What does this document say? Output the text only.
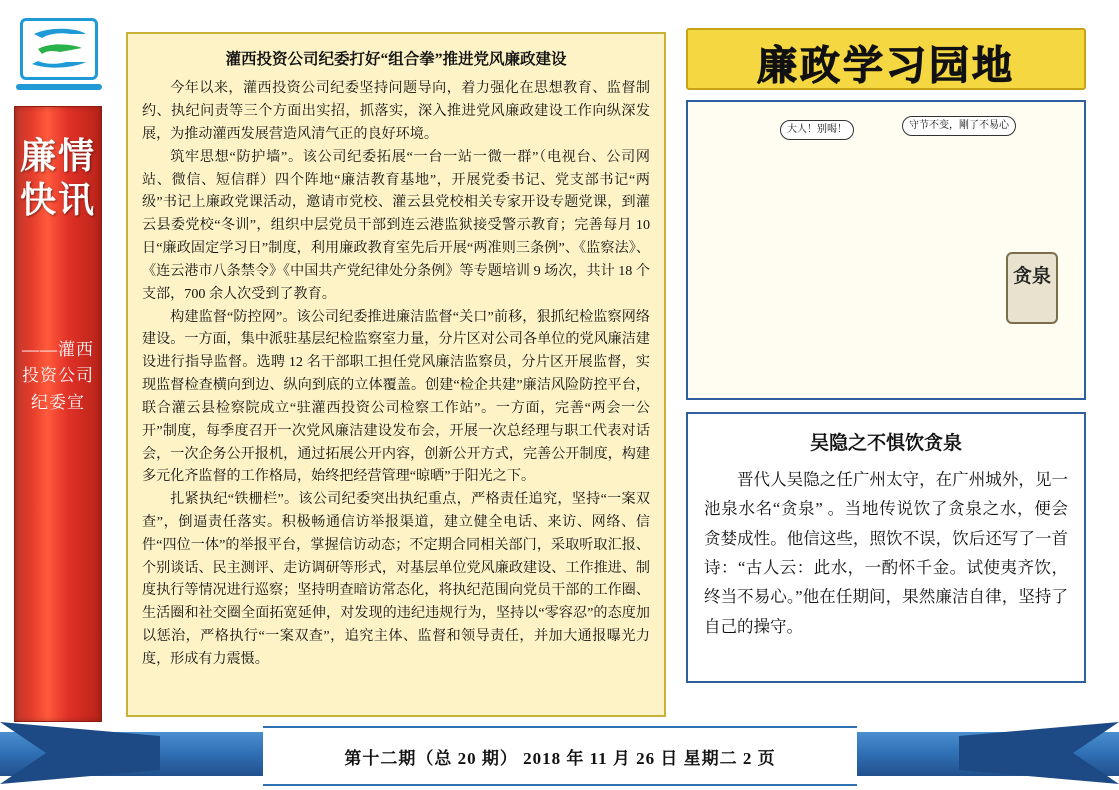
廉情快讯
——灌西投资公司纪委宣
灌西投资公司纪委打好“组合拳”推进党风廉政建设

今年以来，灌西投资公司纪委坚持问题导向，着力强化在思想教育、监督制约、执纪问责等三个方面出实招，抓落实，深入推进党风廉政建设工作向纵深发展，为推动灌西发展营造风清气正的良好环境。

筑牢思想“防护墙”。该公司纪委拓展“一台一站一微一群”（电视台、公司网站、微信、短信群）四个阵地“廉洁教育基地”，开展党委书记、党支部书记“两级”书记上廉政党课活动，邀请市党校、灌云县党校相关专家开设专题党课，到灌云县委党校“冬训”，组织中层党员干部到连云港监狱接受警示教育；完善每月 10 日“廉政固定学习日”制度，利用廉政教育室先后开展“两准则三条例”、《监察法》、《连云港市八条禁令》《中国共产党纪律处分条例》等专题培训 9 场次，共计 18 个支部，700 余人次受到了教育。

构建监督“防控网”。该公司纪委推进廉洁监督“关口”前移，狠抓纪检监察网络建设。一方面，集中派驻基层纪检监察室力量，分片区对公司各单位的党风廉洁建设进行指导监督。选聘 12 名干部职工担任党风廉洁监察员，分片区开展监督，实现监督检查横向到边、纵向到底的立体覆盖。创建“检企共建”廉洁风险防控平台，联合灌云县检察院成立“驻灌西投资公司检察工作站”。一方面，完善“两会一公开”制度，每季度召开一次党风廉洁建设发布会，开展一次总经理与职工代表对话会，一次企务公开报机，通过拓展公开内容，创新公开方式，完善公开制度，构建多元化齐监督的工作格局，始终把经营管理“晾晒”于阳光之下。

扎紧执纪“铁栅栏”。该公司纪委突出执纪重点，严格责任追究，坚持“一案双查”，倒逼责任落实。积极畅通信访举报渠道，建立健全电话、来访、网络、信件“四位一体”的举报平台，掌握信访动态；不定期合同相关部门，采取听取汇报、个别谈话、民主测评、走访调研等形式，对基层单位党风廉政建设、工作推进、制度执行等情况进行巡察；坚持明查暗访常态化，将执纪范围向党员干部的工作圈、生活圈和社交圈全面拓宽延伸，对发现的违纪违规行为，坚持以“零容忍”的态度加以惩治，严格执行“一案双查”，追究主体、监督和领导责任，并加大通报曝光力度，形成有力震慑。

廉政学习园地
大人！别喝！	守节不变，剛了不易心
贪泉
吴隐之不惧饮贪泉
晋代人吴隐之任广州太守，在广州城外，见一池泉水名“贪泉” 。当地传说饮了贪泉之水，便会贪婪成性。他信这些，照饮不误，饮后还写了一首诗：“古人云：此水，一酌怀千金。试使夷齐饮，终当不易心。”他在任期间，果然廉洁自律，坚持了自己的操守。
第十二期（总 20 期） 2018 年 11 月 26 日 星期二 2 页
